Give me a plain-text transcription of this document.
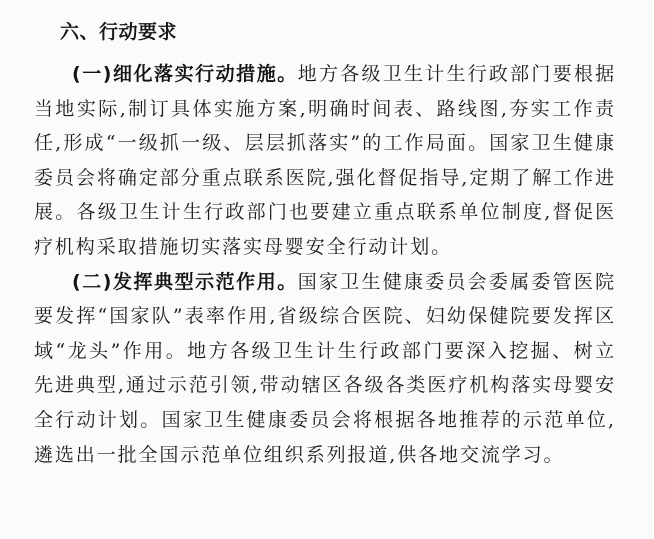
六、行动要求

(一)细化落实行动措施。地方各级卫生计生行政部门要根据当地实际,制订具体实施方案,明确时间表、路线图,夯实工作责任,形成“一级抓一级、层层抓落实”的工作局面。国家卫生健康委员会将确定部分重点联系医院,强化督促指导,定期了解工作进展。各级卫生计生行政部门也要建立重点联系单位制度,督促医疗机构采取措施切实落实母婴安全行动计划。

(二)发挥典型示范作用。国家卫生健康委员会委属委管医院要发挥“国家队”表率作用,省级综合医院、妇幼保健院要发挥区域“龙头”作用。地方各级卫生计生行政部门要深入挖掘、树立先进典型,通过示范引领,带动辖区各级各类医疗机构落实母婴安全行动计划。国家卫生健康委员会将根据各地推荐的示范单位,遴选出一批全国示范单位组织系列报道,供各地交流学习。
